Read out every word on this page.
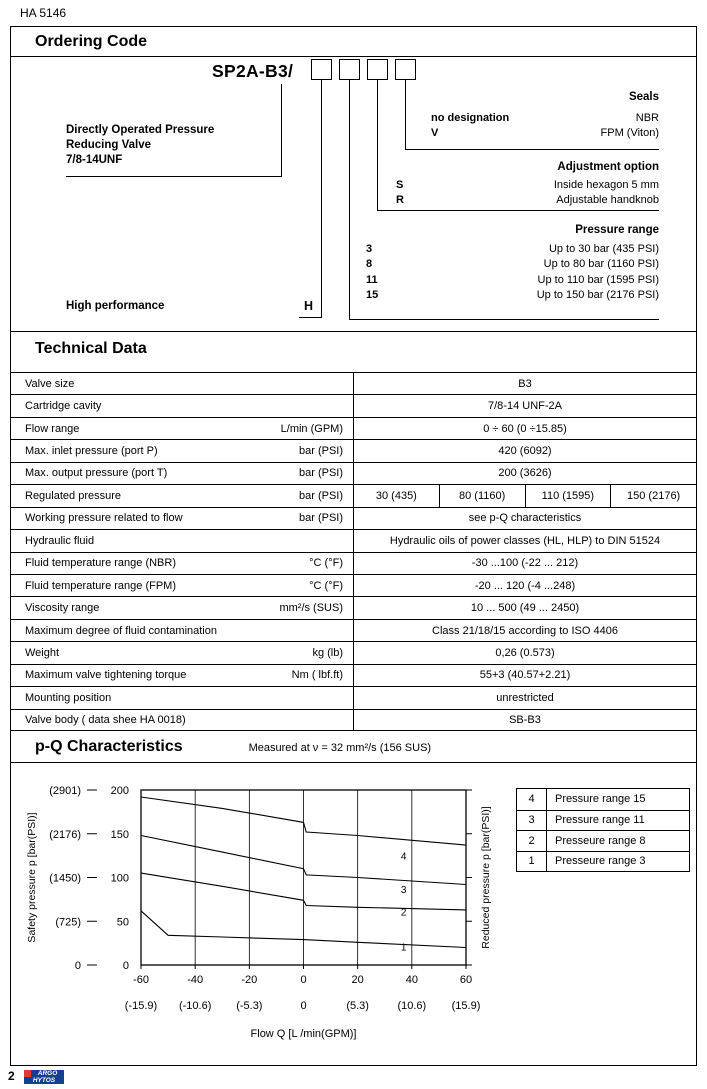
HA 5146
Ordering Code
SP2A-B3/
Directly Operated Pressure
Reducing Valve
7/8-14UNF
High performance	H
Seals
no designation	NBR
V	FPM (Viton)
Adjustment option
S	Inside hexagon 5 mm
R	Adjustable handknob
Pressure range
3	Up to 30 bar (435 PSI)
8	Up to 80 bar (1160 PSI)
11	Up to 110 bar (1595 PSI)
15	Up to 150 bar (2176 PSI)
Technical Data
Valve size	B3
Cartridge cavity	7/8-14 UNF-2A
Flow range	L/min (GPM)	0 ÷ 60 (0 ÷15.85)
Max. inlet pressure (port P)	bar (PSI)	420 (6092)
Max. output pressure (port T)	bar (PSI)	200 (3626)
Regulated pressure	bar (PSI)	30 (435)	80 (1160)	110 (1595)	150 (2176)
Working pressure related to flow	bar (PSI)	see p-Q characteristics
Hydraulic fluid	Hydraulic oils of power classes (HL, HLP) to DIN 51524
Fluid temperature range (NBR)	°C (°F)	-30 ...100 (-22 ... 212)
Fluid temperature range (FPM)	°C (°F)	-20 ... 120 (-4 ...248)
Viscosity range	mm²/s (SUS)	10 ... 500 (49 ... 2450)
Maximum degree of fluid contamination	Class 21/18/15 according to ISO 4406
Weight	kg (lb)	0,26 (0.573)
Maximum valve tightening torque	Nm ( lbf.ft)	55+3 (40.57+2.21)
Mounting position	unrestricted
Valve body ( data shee HA 0018)	SB-B3
p-Q Characteristics	Measured at ν = 32 mm²/s (156 SUS)
0
0
50
(725)
100
(1450)
150
(2176)
200
(2901)
-60
(-15.9)
-40
(-10.6)
-20
(-5.3)
0
0
20
(5.3)
40
(10.6)
60
(15.9)
Flow Q [L /min(GPM)]
Safety pressure p [bar(PSI)]	Reduced pressure p [bar(PSI)]
4
3
2
1
4	Pressure range 15
3	Pressure range 11
2	Presseure range 8
1	Presseure range 3
2	ARGO
HYTOS
